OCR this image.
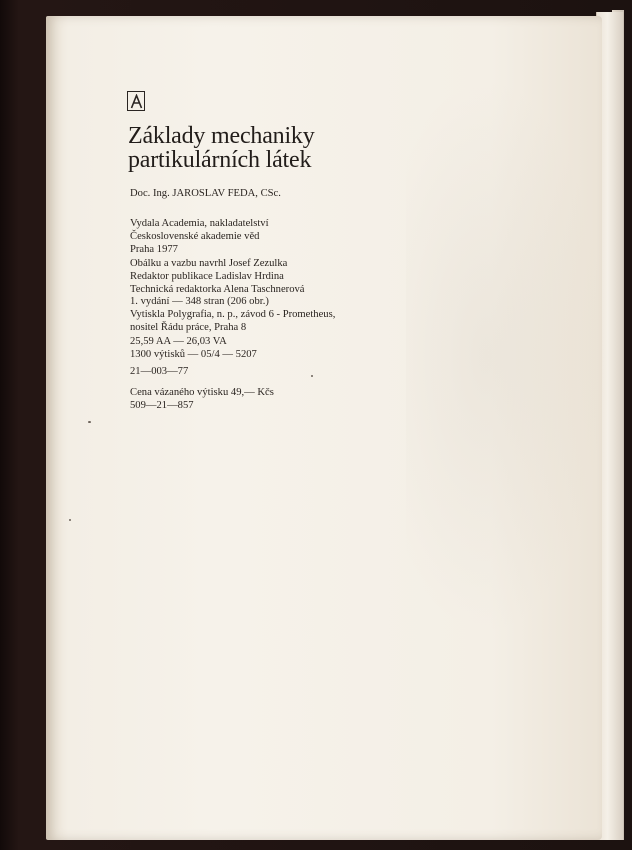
Základy mechaniky
partikulárních látek
Doc. Ing. JAROSLAV FEDA, CSc.
Vydala Academia, nakladatelství
Československé akademie věd
Praha 1977
Obálku a vazbu navrhl Josef Zezulka
Redaktor publikace Ladislav Hrdina
Technická redaktorka Alena Taschnerová
1. vydání — 348 stran (206 obr.)
Vytiskla Polygrafia, n. p., závod 6 - Prometheus,
nositel Řádu práce, Praha 8
25,59 AA — 26,03 VA
1300 výtisků — 05/4 — 5207
21—003—77
Cena vázaného výtisku 49,— Kčs
509—21—857
